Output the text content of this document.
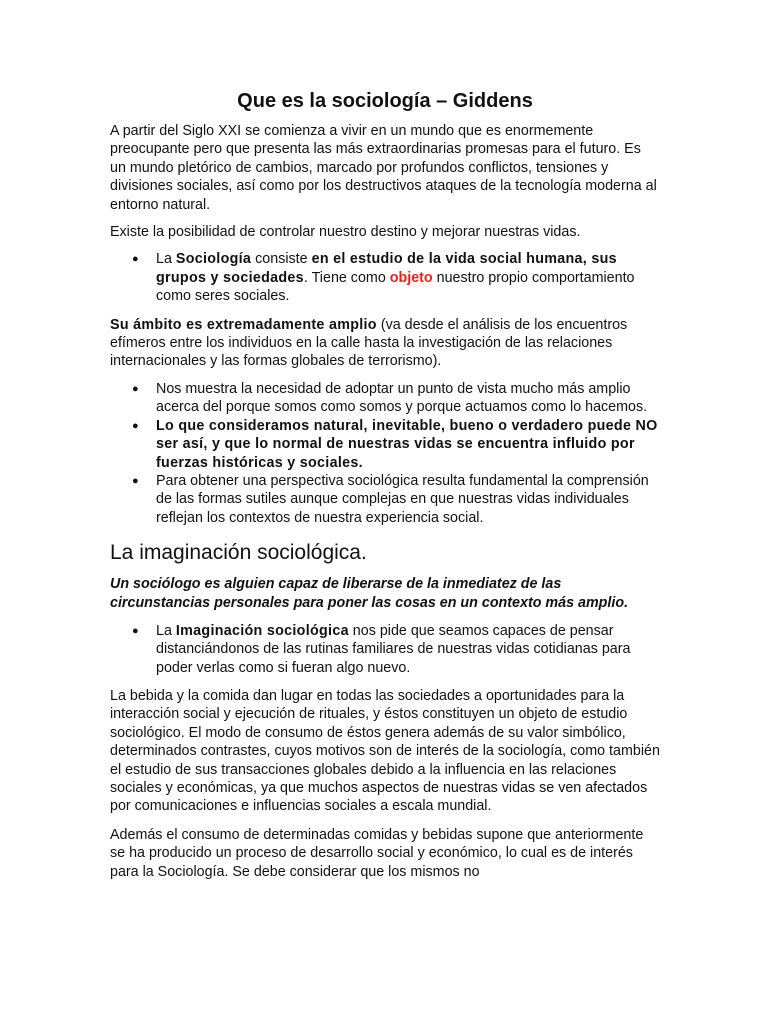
Que es la sociología – Giddens

A partir del Siglo XXI se comienza a vivir en un mundo que es enormemente preocupante pero que presenta las más extraordinarias promesas para el futuro. Es un mundo pletórico de cambios, marcado por profundos conflictos, tensiones y divisiones sociales, así como por los destructivos ataques de la tecnología moderna al entorno natural.

Existe la posibilidad de controlar nuestro destino y mejorar nuestras vidas.

● La Sociología consiste en el estudio de la vida social humana, sus grupos y sociedades. Tiene como objeto nuestro propio comportamiento como seres sociales.

Su ámbito es extremadamente amplio (va desde el análisis de los encuentros efímeros entre los individuos en la calle hasta la investigación de las relaciones internacionales y las formas globales de terrorismo).

● Nos muestra la necesidad de adoptar un punto de vista mucho más amplio acerca del porque somos como somos y porque actuamos como lo hacemos.
● Lo que consideramos natural, inevitable, bueno o verdadero puede NO ser así, y que lo normal de nuestras vidas se encuentra influido por fuerzas históricas y sociales.
● Para obtener una perspectiva sociológica resulta fundamental la comprensión de las formas sutiles aunque complejas en que nuestras vidas individuales reflejan los contextos de nuestra experiencia social.
La imaginación sociológica.

Un sociólogo es alguien capaz de liberarse de la inmediatez de las circunstancias personales para poner las cosas en un contexto más amplio.

● La Imaginación sociológica nos pide que seamos capaces de pensar distanciándonos de las rutinas familiares de nuestras vidas cotidianas para poder verlas como si fueran algo nuevo.

La bebida y la comida dan lugar en todas las sociedades a oportunidades para la interacción social y ejecución de rituales, y éstos constituyen un objeto de estudio sociológico. El modo de consumo de éstos genera además de su valor simbólico, determinados contrastes, cuyos motivos son de interés de la sociología, como también el estudio de sus transacciones globales debido a la influencia en las relaciones sociales y económicas, ya que muchos aspectos de nuestras vidas se ven afectados por comunicaciones e influencias sociales a escala mundial.

Además el consumo de determinadas comidas y bebidas supone que anteriormente se ha producido un proceso de desarrollo social y económico, lo cual es de interés para la Sociología. Se debe considerar que los mismos no
